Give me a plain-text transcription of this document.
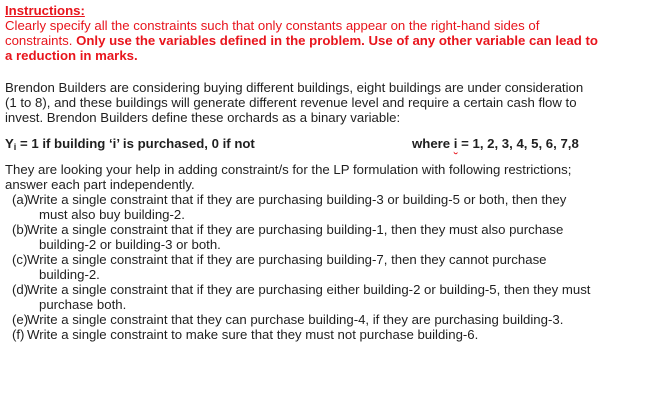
Instructions:
Clearly specify all the constraints such that only constants appear on the right-hand sides of
constraints. Only use the variables defined in the problem. Use of any other variable can lead to
a reduction in marks.
Brendon Builders are considering buying different buildings, eight buildings are under consideration
(1 to 8), and these buildings will generate different revenue level and require a certain cash flow to
invest. Brendon Builders define these orchards as a binary variable:
$Y_i = 1$ if building ‘i’ is purchased, 0 if not	where i = 1, 2, 3, 4, 5, 6, 7,8
They are looking your help in adding constraint/s for the LP formulation with following restrictions;
answer each part independently.
(a)
Write a single constraint that if they are purchasing building-3 or building-5 or both, then they
must also buy building-2.
(b)
Write a single constraint that if they are purchasing building-1, then they must also purchase
building-2 or building-3 or both.
(c) Write a single constraint that if they are purchasing building-7, then they cannot purchase
building-2.
(d)
Write a single constraint that if they are purchasing either building-2 or building-5, then they must
purchase both.
(e)
Write a single constraint that they can purchase building-4, if they are purchasing building-3.
(f) Write a single constraint to make sure that they must not purchase building-6.
